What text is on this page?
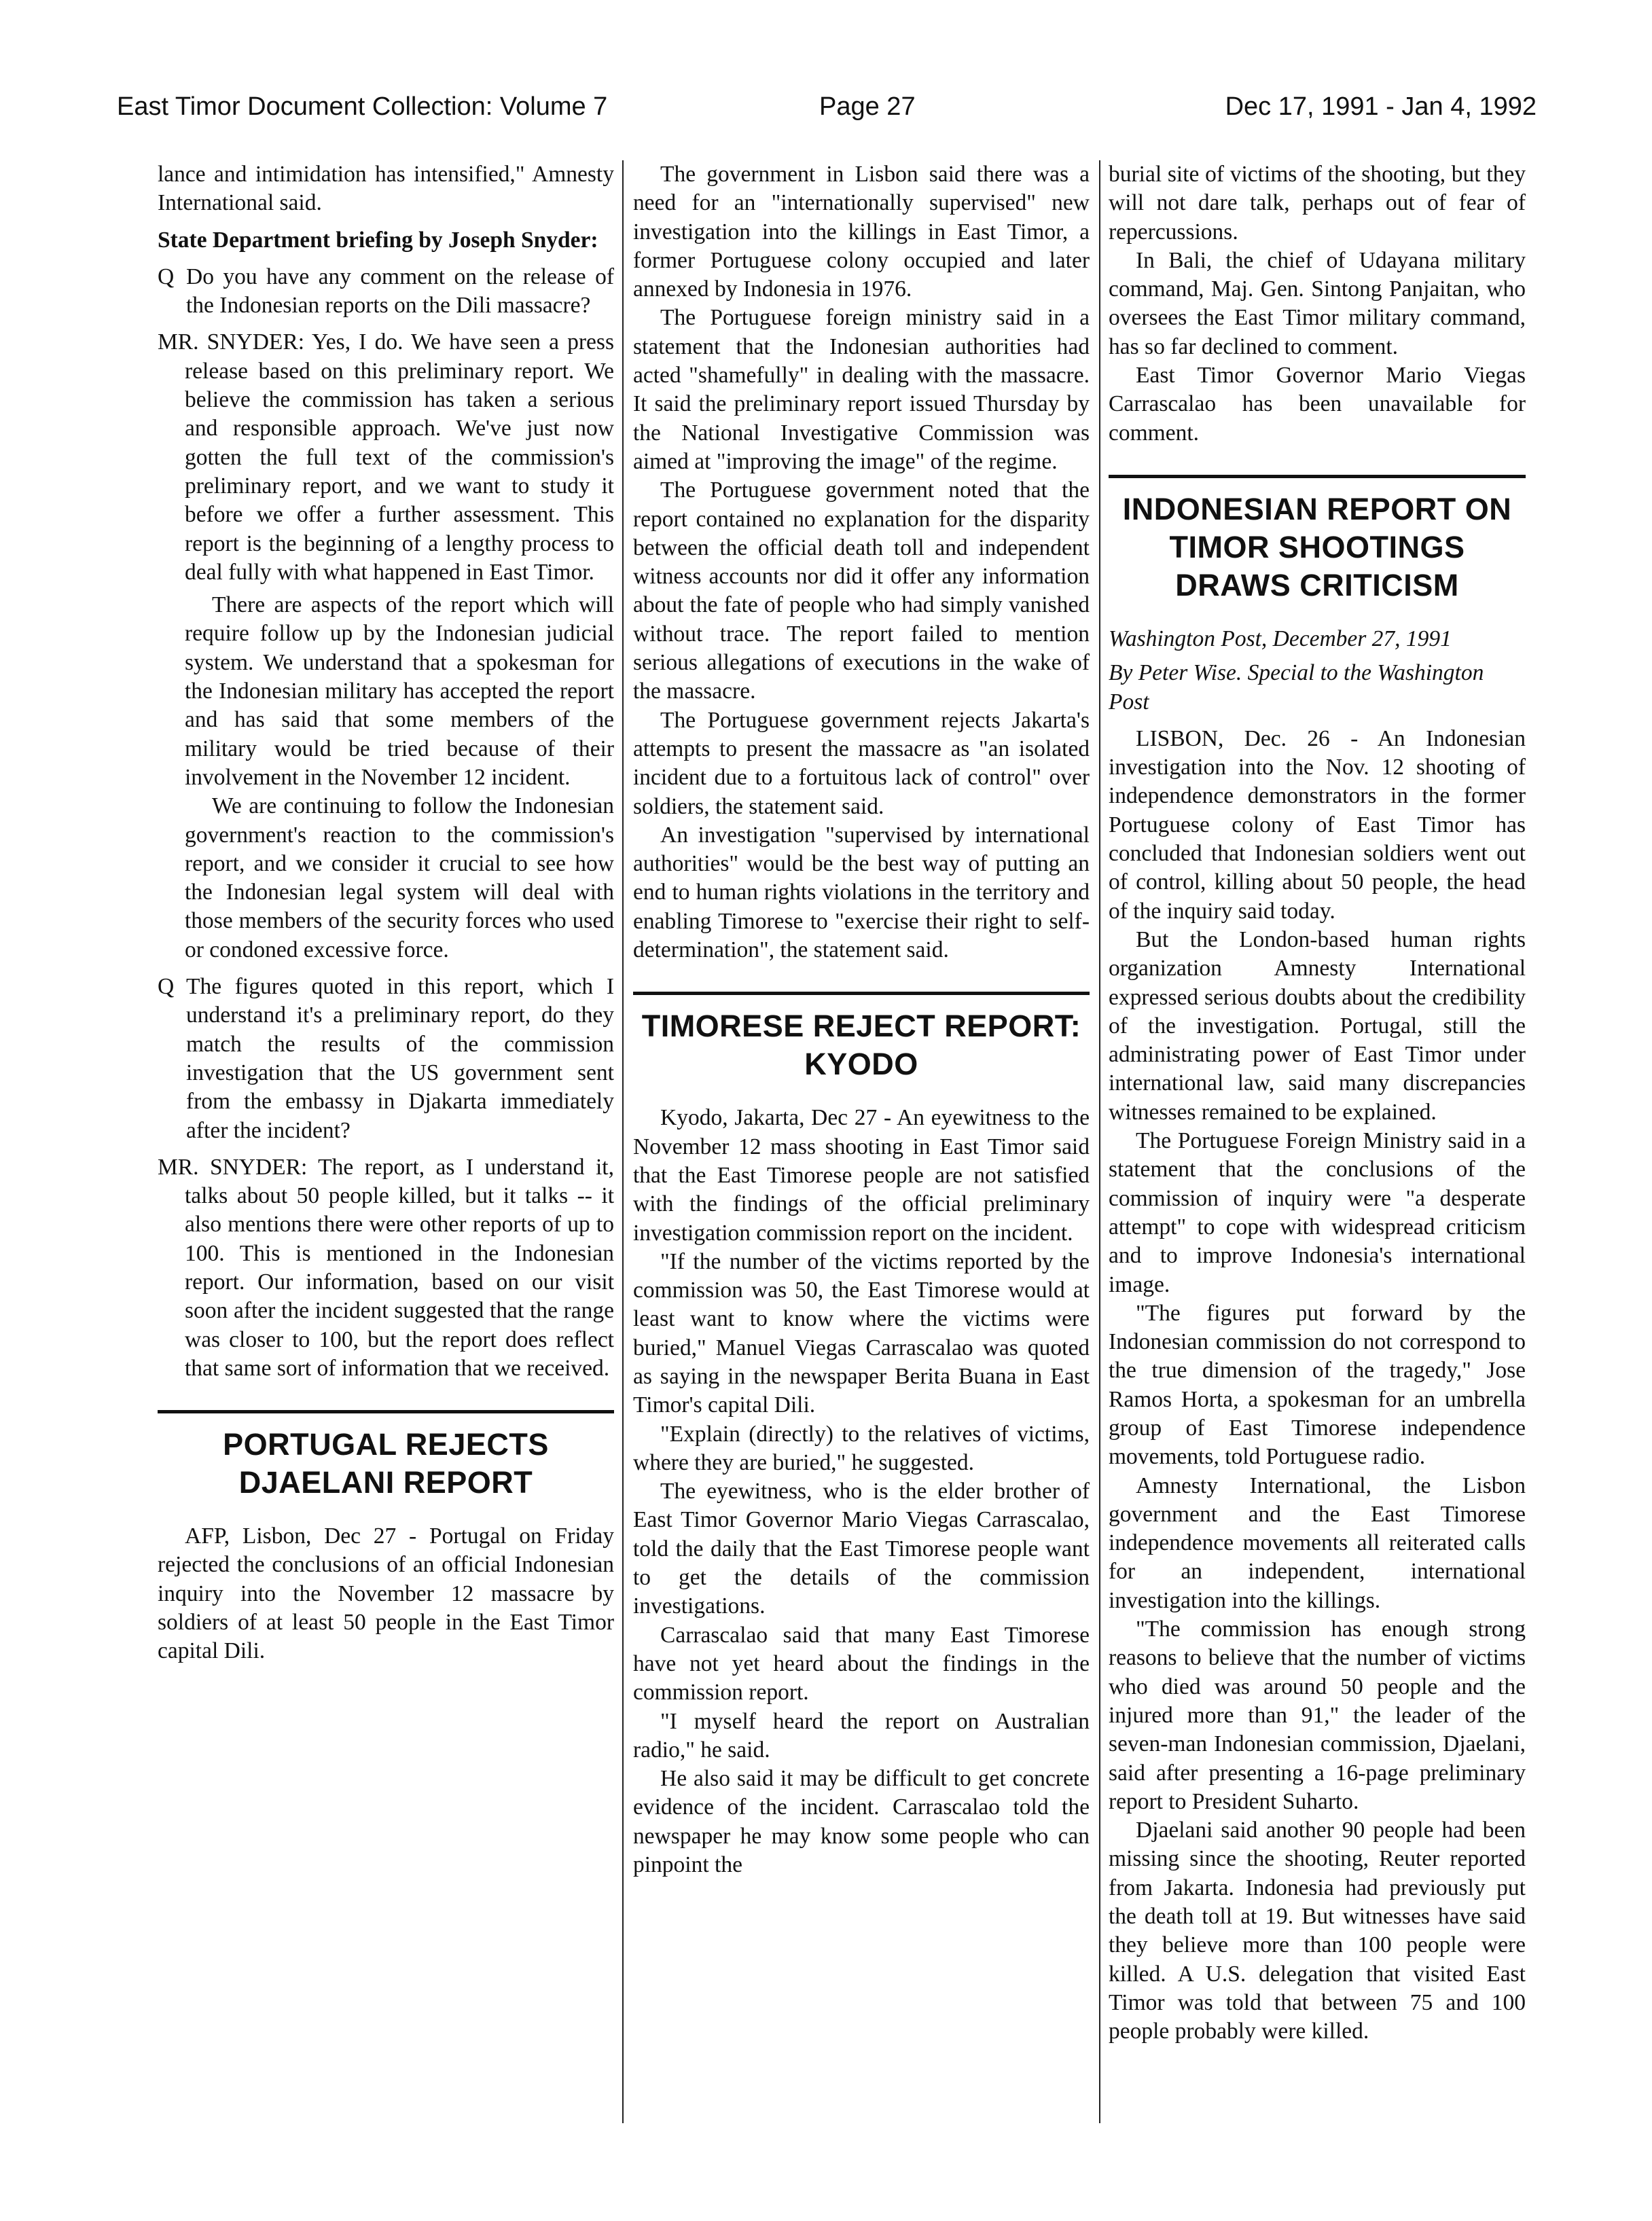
East Timor Document Collection: Volume 7	Page 27	Dec 17, 1991 - Jan 4, 1992

lance and intimidation has intensified," Amnesty International said.

State Department briefing by Joseph Snyder:

Q Do you have any comment on the release of the Indonesian reports on the Dili massacre?
MR. SNYDER: Yes, I do. We have seen a press release based on this preliminary report. We believe the commission has taken a serious and responsible approach. We've just now gotten the full text of the commission's preliminary report, and we want to study it before we offer a further assessment. This report is the beginning of a lengthy process to deal fully with what happened in East Timor.

There are aspects of the report which will require follow up by the Indonesian judicial system. We understand that a spokesman for the Indonesian military has accepted the report and has said that some members of the military would be tried because of their involvement in the November 12 incident.

We are continuing to follow the Indonesian government's reaction to the commission's report, and we consider it crucial to see how the Indonesian legal system will deal with those members of the security forces who used or condoned excessive force.

Q The figures quoted in this report, which I understand it's a preliminary report, do they match the results of the commission investigation that the US government sent from the embassy in Djakarta immediately after the incident?
MR. SNYDER: The report, as I understand it, talks about 50 people killed, but it talks -- it also mentions there were other reports of up to 100. This is mentioned in the Indonesian report. Our information, based on our visit soon after the incident suggested that the range was closer to 100, but the report does reflect that same sort of information that we received.
PORTUGAL REJECTS DJAELANI REPORT

AFP, Lisbon, Dec 27 - Portugal on Friday rejected the conclusions of an official Indonesian inquiry into the November 12 massacre by soldiers of at least 50 people in the East Timor capital Dili.

The government in Lisbon said there was a need for an "internationally supervised" new investigation into the killings in East Timor, a former Portuguese colony occupied and later annexed by Indonesia in 1976.

The Portuguese foreign ministry said in a statement that the Indonesian authorities had acted "shamefully" in dealing with the massacre. It said the preliminary report issued Thursday by the National Investigative Commission was aimed at "improving the image" of the regime.

The Portuguese government noted that the report contained no explanation for the disparity between the official death toll and independent witness accounts nor did it offer any information about the fate of people who had simply vanished without trace. The report failed to mention serious allegations of executions in the wake of the massacre.

The Portuguese government rejects Jakarta's attempts to present the massacre as "an isolated incident due to a fortuitous lack of control" over soldiers, the statement said.

An investigation "supervised by international authorities" would be the best way of putting an end to human rights violations in the territory and enabling Timorese to "exercise their right to self-determination", the statement said.

TIMORESE REJECT REPORT: KYODO

Kyodo, Jakarta, Dec 27 - An eyewitness to the November 12 mass shooting in East Timor said that the East Timorese people are not satisfied with the findings of the official preliminary investigation commission report on the incident.

"If the number of the victims reported by the commission was 50, the East Timorese would at least want to know where the victims were buried," Manuel Viegas Carrascalao was quoted as saying in the newspaper Berita Buana in East Timor's capital Dili.

"Explain (directly) to the relatives of victims, where they are buried," he suggested.

The eyewitness, who is the elder brother of East Timor Governor Mario Viegas Carrascalao, told the daily that the East Timorese people want to get the details of the commission investigations.

Carrascalao said that many East Timorese have not yet heard about the findings in the commission report.

"I myself heard the report on Australian radio," he said.

He also said it may be difficult to get concrete evidence of the incident. Carrascalao told the newspaper he may know some people who can pinpoint the

burial site of victims of the shooting, but they will not dare talk, perhaps out of fear of repercussions.

In Bali, the chief of Udayana military command, Maj. Gen. Sintong Panjaitan, who oversees the East Timor military command, has so far declined to comment.

East Timor Governor Mario Viegas Carrascalao has been unavailable for comment.

INDONESIAN REPORT ON TIMOR SHOOTINGS DRAWS CRITICISM

Washington Post, December 27, 1991

By Peter Wise. Special to the Washington Post

LISBON, Dec. 26 - An Indonesian investigation into the Nov. 12 shooting of independence demonstrators in the former Portuguese colony of East Timor has concluded that Indonesian soldiers went out of control, killing about 50 people, the head of the inquiry said today.

But the London-based human rights organization Amnesty International expressed serious doubts about the credibility of the investigation. Portugal, still the administrating power of East Timor under international law, said many discrepancies witnesses remained to be explained.

The Portuguese Foreign Ministry said in a statement that the conclusions of the commission of inquiry were "a desperate attempt" to cope with widespread criticism and to improve Indonesia's international image.

"The figures put forward by the Indonesian commission do not correspond to the true dimension of the tragedy," Jose Ramos Horta, a spokesman for an umbrella group of East Timorese independence movements, told Portuguese radio.

Amnesty International, the Lisbon government and the East Timorese independence movements all reiterated calls for an independent, international investigation into the killings.

"The commission has enough strong reasons to believe that the number of victims who died was around 50 people and the injured more than 91," the leader of the seven-man Indonesian commission, Djaelani, said after presenting a 16-page preliminary report to President Suharto.

Djaelani said another 90 people had been missing since the shooting, Reuter reported from Jakarta. Indonesia had previously put the death toll at 19. But witnesses have said they believe more than 100 people were killed. A U.S. delegation that visited East Timor was told that between 75 and 100 people probably were killed.
